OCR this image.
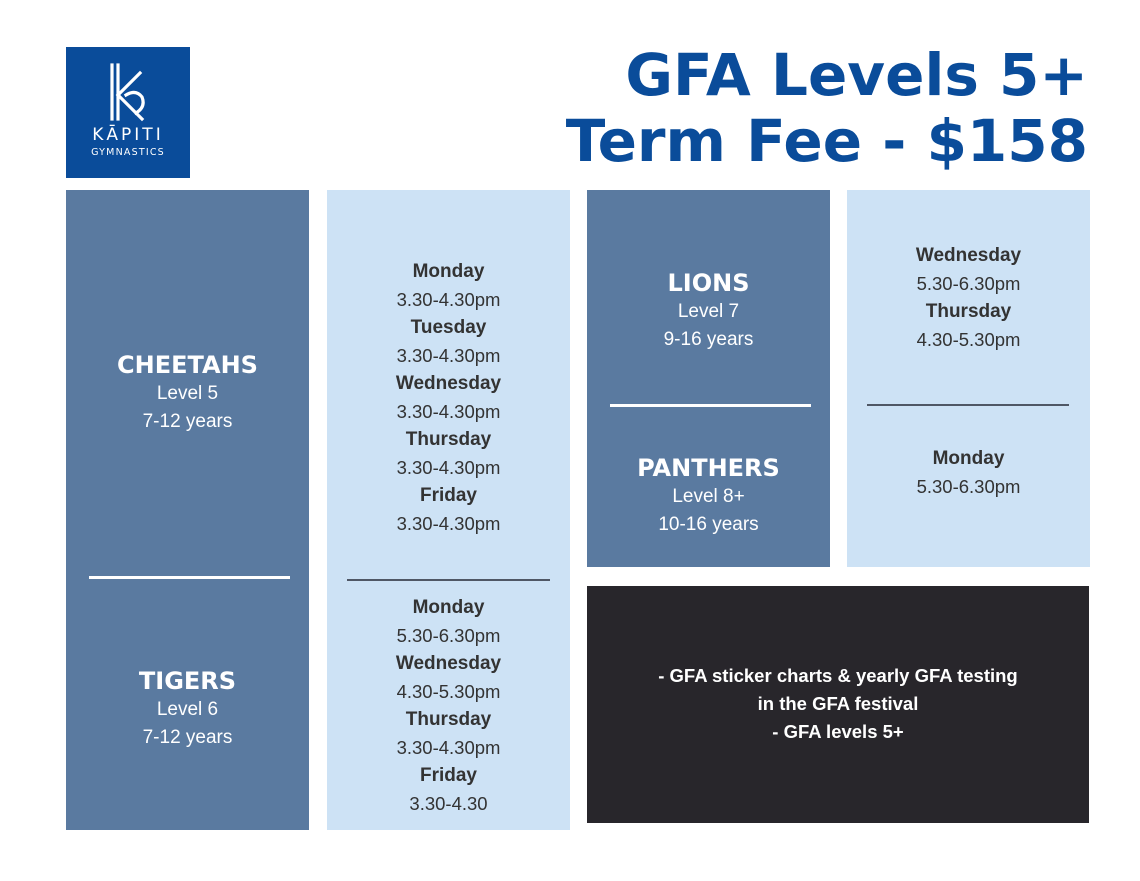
KĀPITI
GYMNASTICS
GFA Levels 5+
Term Fee - $158
CHEETAHS
Level 5
7-12 years
TIGERS
Level 6
7-12 years
Monday
3.30-4.30pm
Tuesday
3.30-4.30pm
Wednesday
3.30-4.30pm
Thursday
3.30-4.30pm
Friday
3.30-4.30pm
Monday
5.30-6.30pm
Wednesday
4.30-5.30pm
Thursday
3.30-4.30pm
Friday
3.30-4.30
LIONS
Level 7
9-16 years
PANTHERS
Level 8+
10-16 years
Wednesday
5.30-6.30pm
Thursday
4.30-5.30pm
Monday
5.30-6.30pm
- GFA sticker charts & yearly GFA testing
in the GFA festival
- GFA levels 5+
